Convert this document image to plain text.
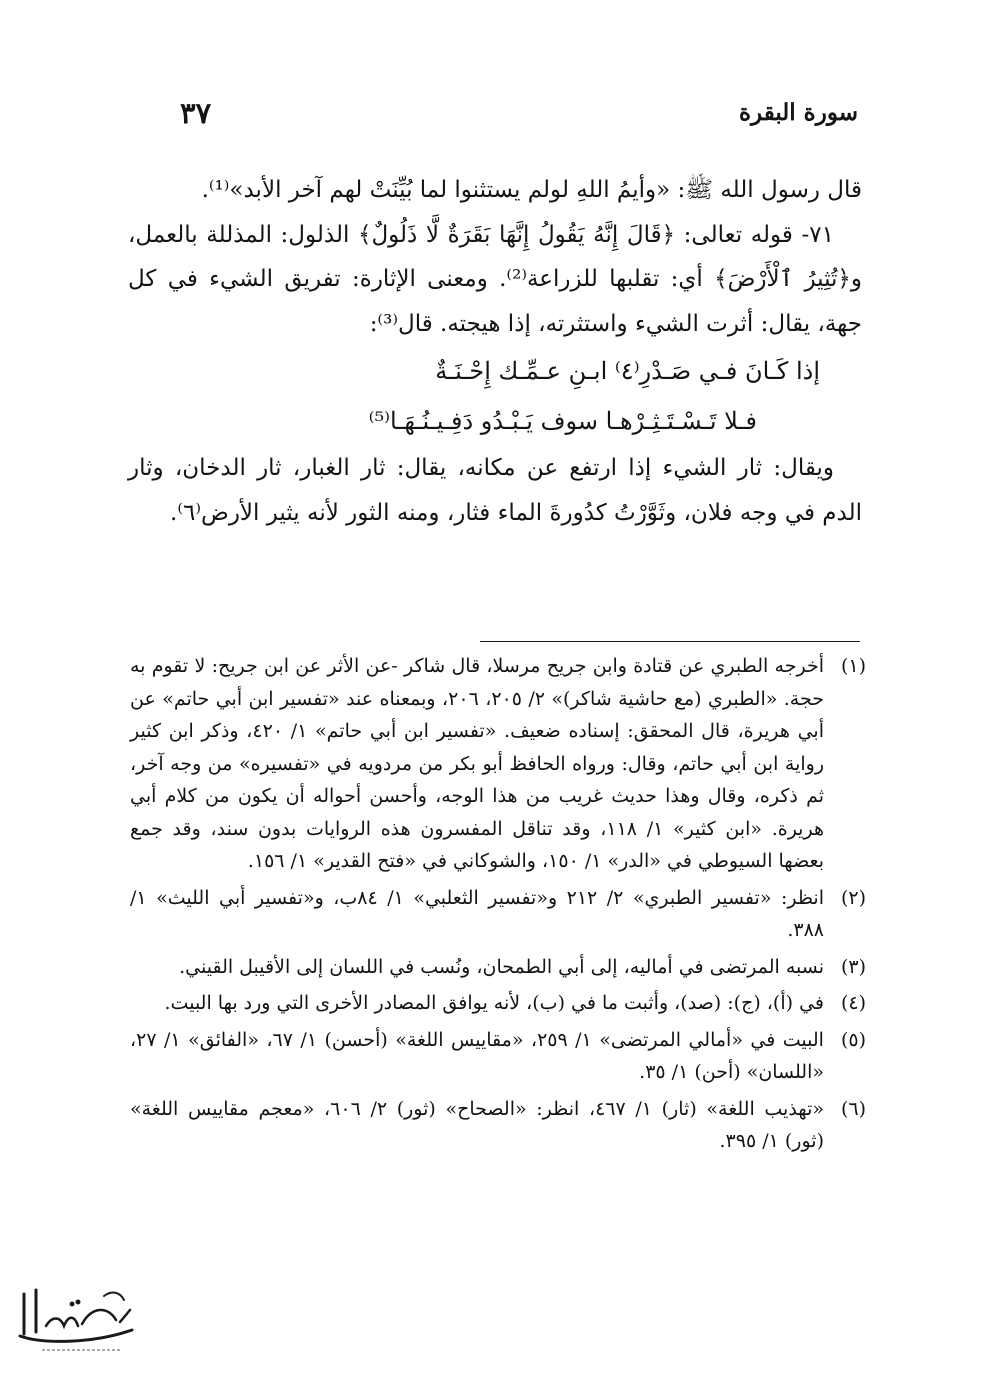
سورة البقرة
٣٧

قال رسول الله ﷺ: «وأيمُ اللهِ لولم يستثنوا لما بُيِّنَتْ لهم آخر الأبد»⁽¹⁾.

٧١- قوله تعالى: ﴿قَالَ إِنَّهُ يَقُولُ إِنَّهَا بَقَرَةٌ لَّا ذَلُولٌ﴾ الذلول: المذللة بالعمل، و﴿تُثِيرُ ٱلْأَرْضَ﴾ أي: تقلبها للزراعة⁽²⁾. ومعنى الإثارة: تفريق الشيء في كل جهة، يقال: أثرت الشيء واستثرته، إذا هيجته. قال⁽³⁾:

إذا كَـانَ فـي صَـدْرِ⁽٤⁾ ابـنِ عـمِّـك إِحْـنَـةٌ
فـلا تَـسْـتَـثِـرْهـا سوف يَـبْـدُو دَفِـيـنُـهَـا⁽⁵⁾

ويقال: ثار الشيء إذا ارتفع عن مكانه، يقال: ثار الغبار، ثار الدخان، وثار الدم في وجه فلان، وثَوَّرْتُ كدُورةَ الماء فثار، ومنه الثور لأنه يثير الأرض⁽٦⁾.

(١)
أخرجه الطبري عن قتادة وابن جريح مرسلا، قال شاكر -عن الأثر عن ابن جريح: لا تقوم به حجة. «الطبري (مع حاشية شاكر)» ٢/ ٢٠٥، ٢٠٦، وبمعناه عند «تفسير ابن أبي حاتم» عن أبي هريرة، قال المحقق: إسناده ضعيف. «تفسير ابن أبي حاتم» ١/ ٤٢٠، وذكر ابن كثير رواية ابن أبي حاتم، وقال: ورواه الحافظ أبو بكر من مردويه في «تفسيره» من وجه آخر، ثم ذكره، وقال وهذا حديث غريب من هذا الوجه، وأحسن أحواله أن يكون من كلام أبي هريرة. «ابن كثير» ١/ ١١٨، وقد تناقل المفسرون هذه الروايات بدون سند، وقد جمع بعضها السيوطي في «الدر» ١/ ١٥٠، والشوكاني في «فتح القدير» ١/ ١٥٦.
(٢)
انظر: «تفسير الطبري» ٢/ ٢١٢ و«تفسير الثعلبي» ١/ ٨٤ب، و«تفسير أبي الليث» ١/ ٣٨٨.
(٣)
نسبه المرتضى في أماليه، إلى أبي الطمحان، ونُسب في اللسان إلى الأقيبل القيني.
(٤)
في (أ)، (ج): (صد)، وأثبت ما في (ب)، لأنه يوافق المصادر الأخرى التي ورد بها البيت.
(٥)
البيت في «أمالي المرتضى» ١/ ٢٥٩، «مقاييس اللغة» (أحسن) ١/ ٦٧، «الفائق» ١/ ٢٧، «اللسان» (أحن) ١/ ٣٥.
(٦)
«تهذيب اللغة» (ثار) ١/ ٤٦٧، انظر: «الصحاح» (ثور) ٢/ ٦٠٦، «معجم مقاييس اللغة» (ثور) ١/ ٣٩٥.
